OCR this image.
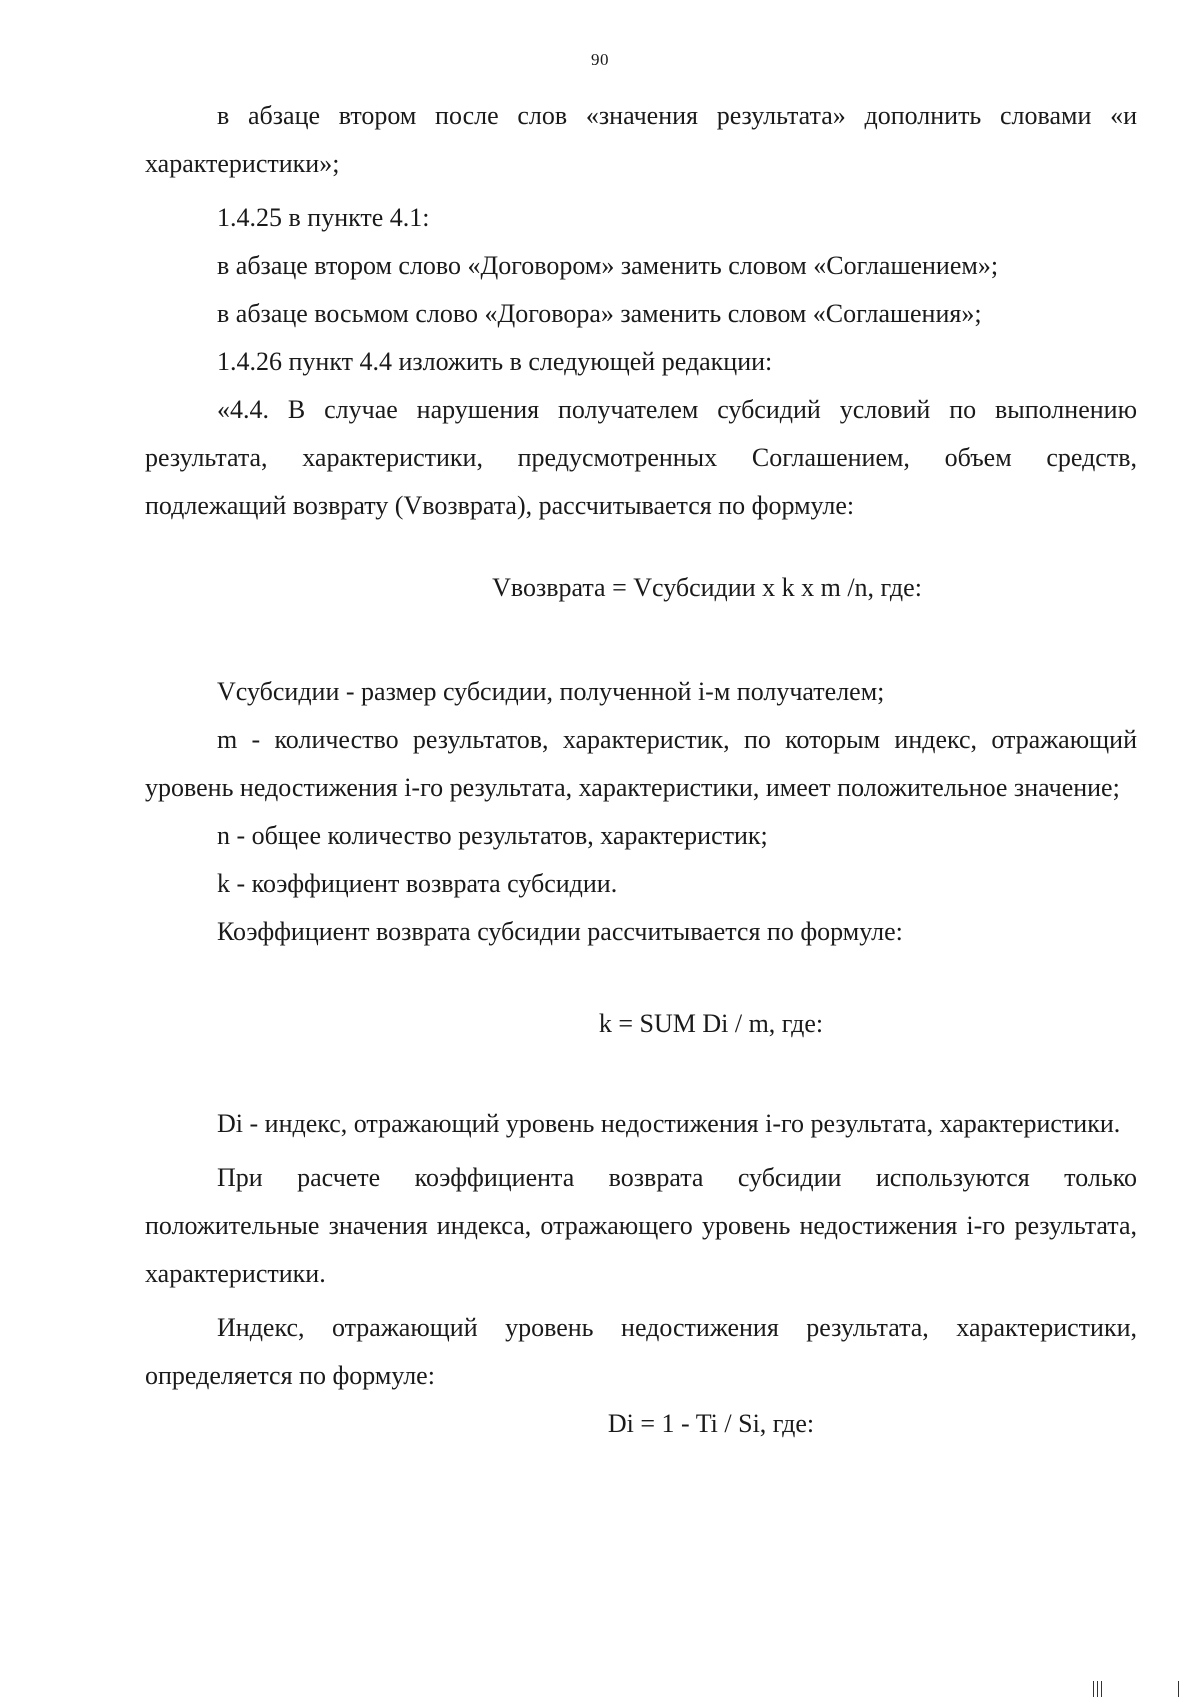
90

в абзаце втором после слов «значения результата» дополнить словами «и характеристики»;

1.4.25 в пункте 4.1:

в абзаце втором слово «Договором» заменить словом «Соглашением»;

в абзаце восьмом слово «Договора» заменить словом «Соглашения»;

1.4.26 пункт 4.4 изложить в следующей редакции:

«4.4. В случае нарушения получателем субсидий условий по выполнению результата, характеристики, предусмотренных Соглашением, объем средств, подлежащий возврату (Vвозврата), рассчитывается по формуле:

Vвозврата = Vсубсидии x k x m /n, где:

Vсубсидии - размер субсидии, полученной i-м получателем;

m - количество результатов, характеристик, по которым индекс, отражающий уровень недостижения i-го результата, характеристики, имеет положительное значение;

n - общее количество результатов, характеристик;

k - коэффициент возврата субсидии.

Коэффициент возврата субсидии рассчитывается по формуле:

k = SUM Di / m, где:

Di - индекс, отражающий уровень недостижения i-го результата, характеристики.

При расчете коэффициента возврата субсидии используются только положительные значения индекса, отражающего уровень недостижения i-го результата, характеристики.

Индекс, отражающий уровень недостижения результата, характеристики, определяется по формуле:

Di = 1 - Ti / Si, где:
